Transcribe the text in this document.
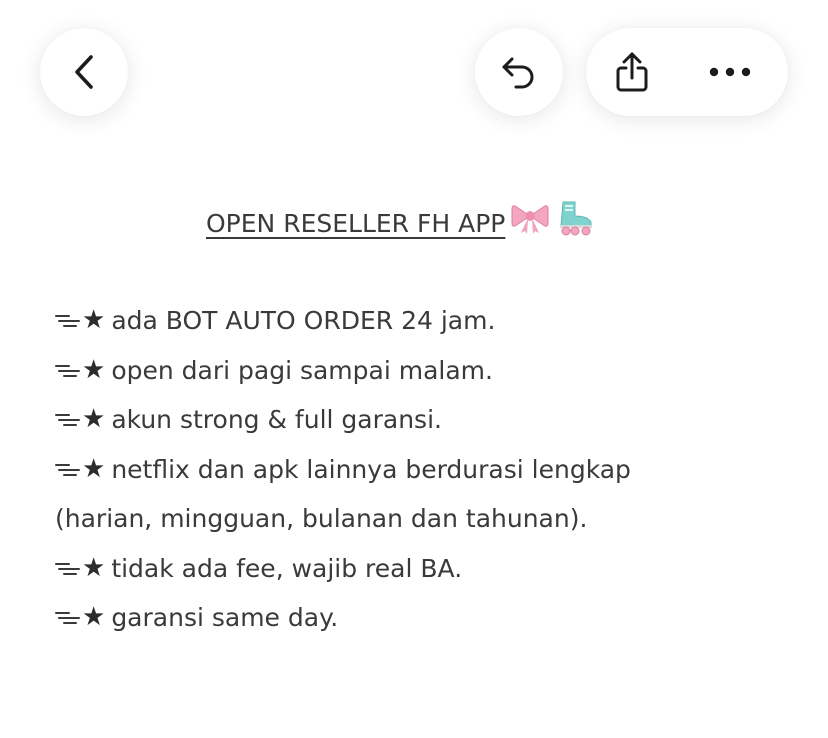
OPEN RESELLER FH APP
★ ada BOT AUTO ORDER 24 jam.
★ open dari pagi sampai malam.
★ akun strong & full garansi.
★ netflix dan apk lainnya berdurasi lengkap
(harian, mingguan, bulanan dan tahunan).
★ tidak ada fee, wajib real BA.
★ garansi same day.
